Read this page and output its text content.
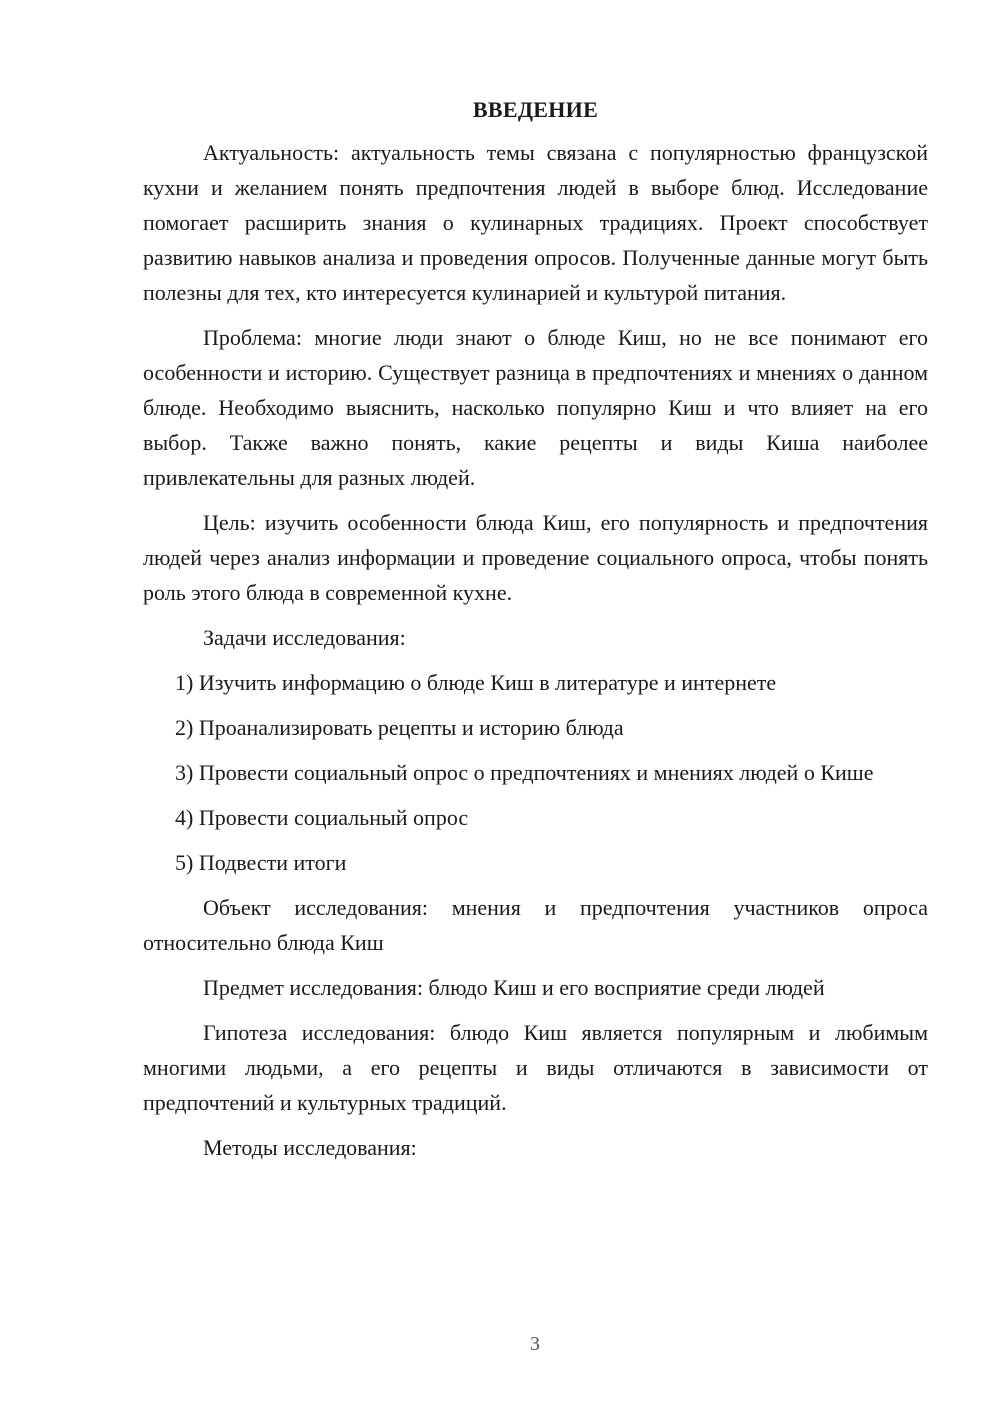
ВВЕДЕНИЕ

Актуальность: актуальность темы связана с популярностью французской кухни и желанием понять предпочтения людей в выборе блюд. Исследование помогает расширить знания о кулинарных традициях. Проект способствует развитию навыков анализа и проведения опросов. Полученные данные могут быть полезны для тех, кто интересуется кулинарией и культурой питания.

Проблема: многие люди знают о блюде Киш, но не все понимают его особенности и историю. Существует разница в предпочтениях и мнениях о данном блюде. Необходимо выяснить, насколько популярно Киш и что влияет на его выбор. Также важно понять, какие рецепты и виды Киша наиболее привлекательны для разных людей.

Цель: изучить особенности блюда Киш, его популярность и предпочтения людей через анализ информации и проведение социального опроса, чтобы понять роль этого блюда в современной кухне.

Задачи исследования:

1) Изучить информацию о блюде Киш в литературе и интернете

2) Проанализировать рецепты и историю блюда

3) Провести социальный опрос о предпочтениях и мнениях людей о Кише

4) Провести социальный опрос

5) Подвести итоги

Объект исследования: мнения и предпочтения участников опроса относительно блюда Киш

Предмет исследования: блюдо Киш и его восприятие среди людей

Гипотеза исследования: блюдо Киш является популярным и любимым многими людьми, а его рецепты и виды отличаются в зависимости от предпочтений и культурных традиций.

Методы исследования:

3
